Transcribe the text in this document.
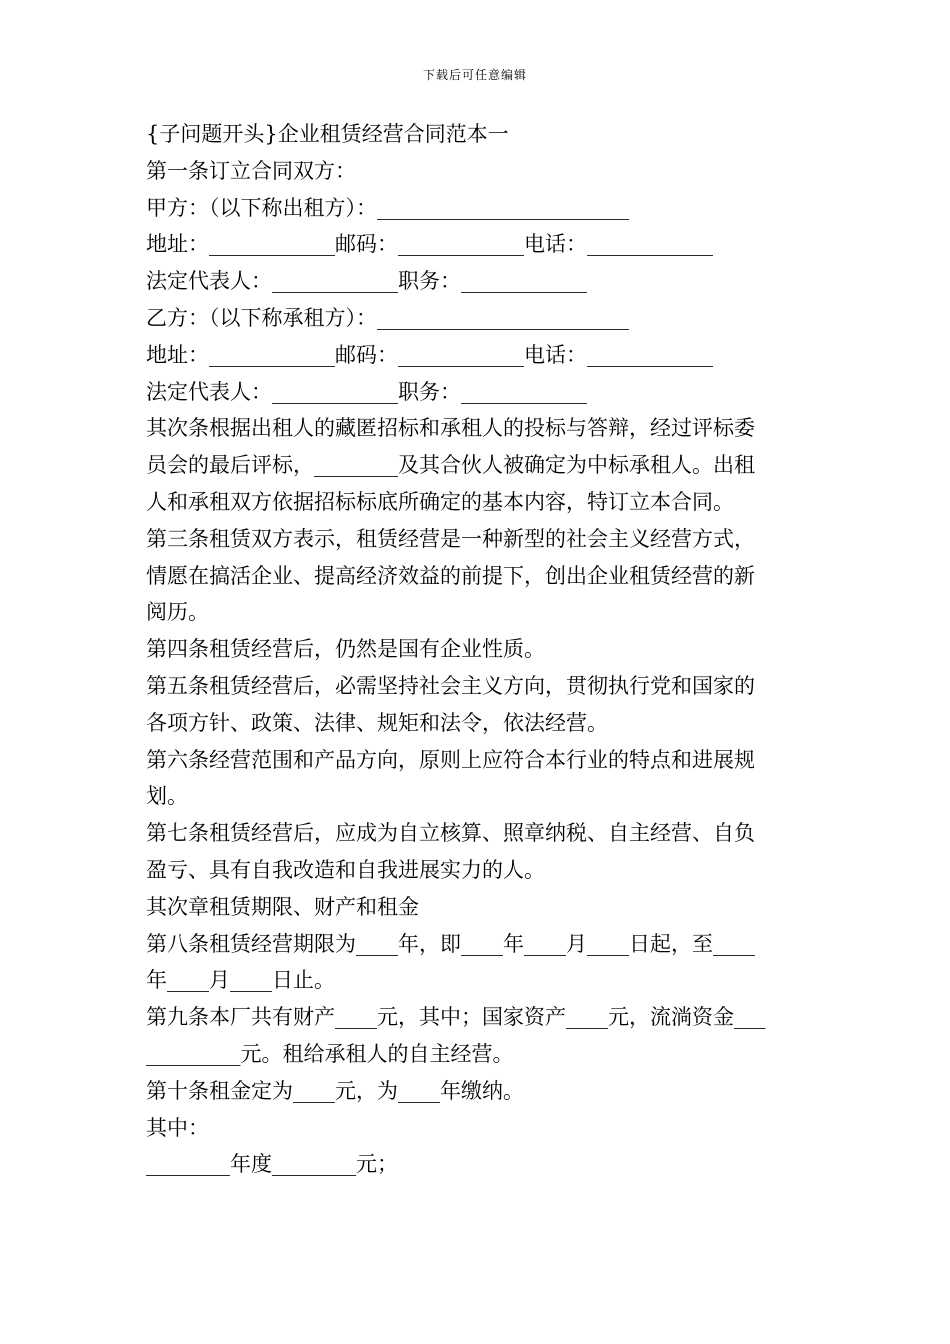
下载后可任意编辑
{子问题开头}企业租赁经营合同范本一
第一条订立合同双方：
甲方：（以下称出租方）：________________________
地址：____________邮码：____________电话：____________
法定代表人：____________职务：____________
乙方：（以下称承租方）：________________________
地址：____________邮码：____________电话：____________
法定代表人：____________职务：____________
其次条根据出租人的藏匿招标和承租人的投标与答辩，经过评标委
员会的最后评标，________及其合伙人被确定为中标承租人。出租
人和承租双方依据招标标底所确定的基本内容，特订立本合同。
第三条租赁双方表示，租赁经营是一种新型的社会主义经营方式，
情愿在搞活企业、提高经济效益的前提下，创出企业租赁经营的新
阅历。
第四条租赁经营后，仍然是国有企业性质。
第五条租赁经营后，必需坚持社会主义方向，贯彻执行党和国家的
各项方针、政策、法律、规矩和法令，依法经营。
第六条经营范围和产品方向，原则上应符合本行业的特点和进展规
划。
第七条租赁经营后，应成为自立核算、照章纳税、自主经营、自负
盈亏、具有自我改造和自我进展实力的人。
其次章租赁期限、财产和租金
第八条租赁经营期限为____年，即____年____月____日起，至____
年____月____日止。
第九条本厂共有财产____元，其中；国家资产____元，流淌资金___
_________元。租给承租人的自主经营。
第十条租金定为____元，为____年缴纳。
其中：
________年度________元；
